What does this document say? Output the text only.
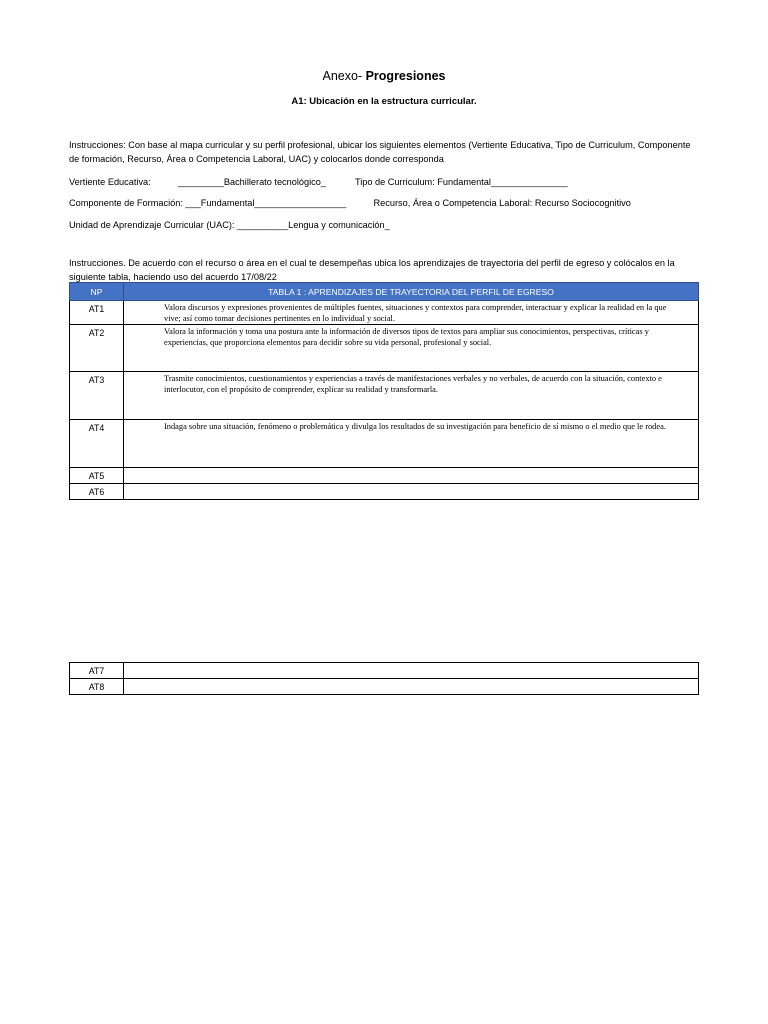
Anexo- Progresiones
A1: Ubicación en la estructura curricular.
Instrucciones: Con base al mapa curricular y su perfil profesional, ubicar los siguientes elementos (Vertiente Educativa, Tipo de Curriculum, Componente de formación, Recurso, Área o Competencia Laboral, UAC) y colocarlos donde corresponda
Vertiente Educativa:	_________Bachillerato tecnológico_	Tipo de Curriculum: Fundamental_______________
Componente de Formación: ___Fundamental__________________	Recurso, Área o Competencia Laboral: Recurso Sociocognitivo
Unidad de Aprendizaje Curricular (UAC): __________Lengua y comunicación_
Instrucciones. De acuerdo con el recurso o área en el cual te desempeñas ubica los aprendizajes de trayectoria del perfil de egreso y colócalos en la siguiente tabla, haciendo uso del acuerdo 17/08/22
NP	TABLA 1 : APRENDIZAJES DE TRAYECTORIA DEL PERFIL DE EGRESO
AT1	Valora discursos y expresiones provenientes de múltiples fuentes, situaciones y contextos para comprender, interactuar y explicar la realidad en la que vive; así como tomar decisiones pertinentes en lo individual y social.
AT2	Valora la información y toma una postura ante la información de diversos tipos de textos para ampliar sus conocimientos, perspectivas, críticas y experiencias, que proporciona elementos para decidir sobre su vida personal, profesional y social.
AT3	Trasmite conocimientos, cuestionamientos y experiencias a través de manifestaciones verbales y no verbales, de acuerdo con la situación, contexto e interlocutor, con el propósito de comprender, explicar su realidad y transformarla.
AT4	Indaga sobre una situación, fenómeno o problemática y divulga los resultados de su investigación para beneficio de sí mismo o el medio que le rodea.
AT5	
AT6	
AT7	
AT8	
